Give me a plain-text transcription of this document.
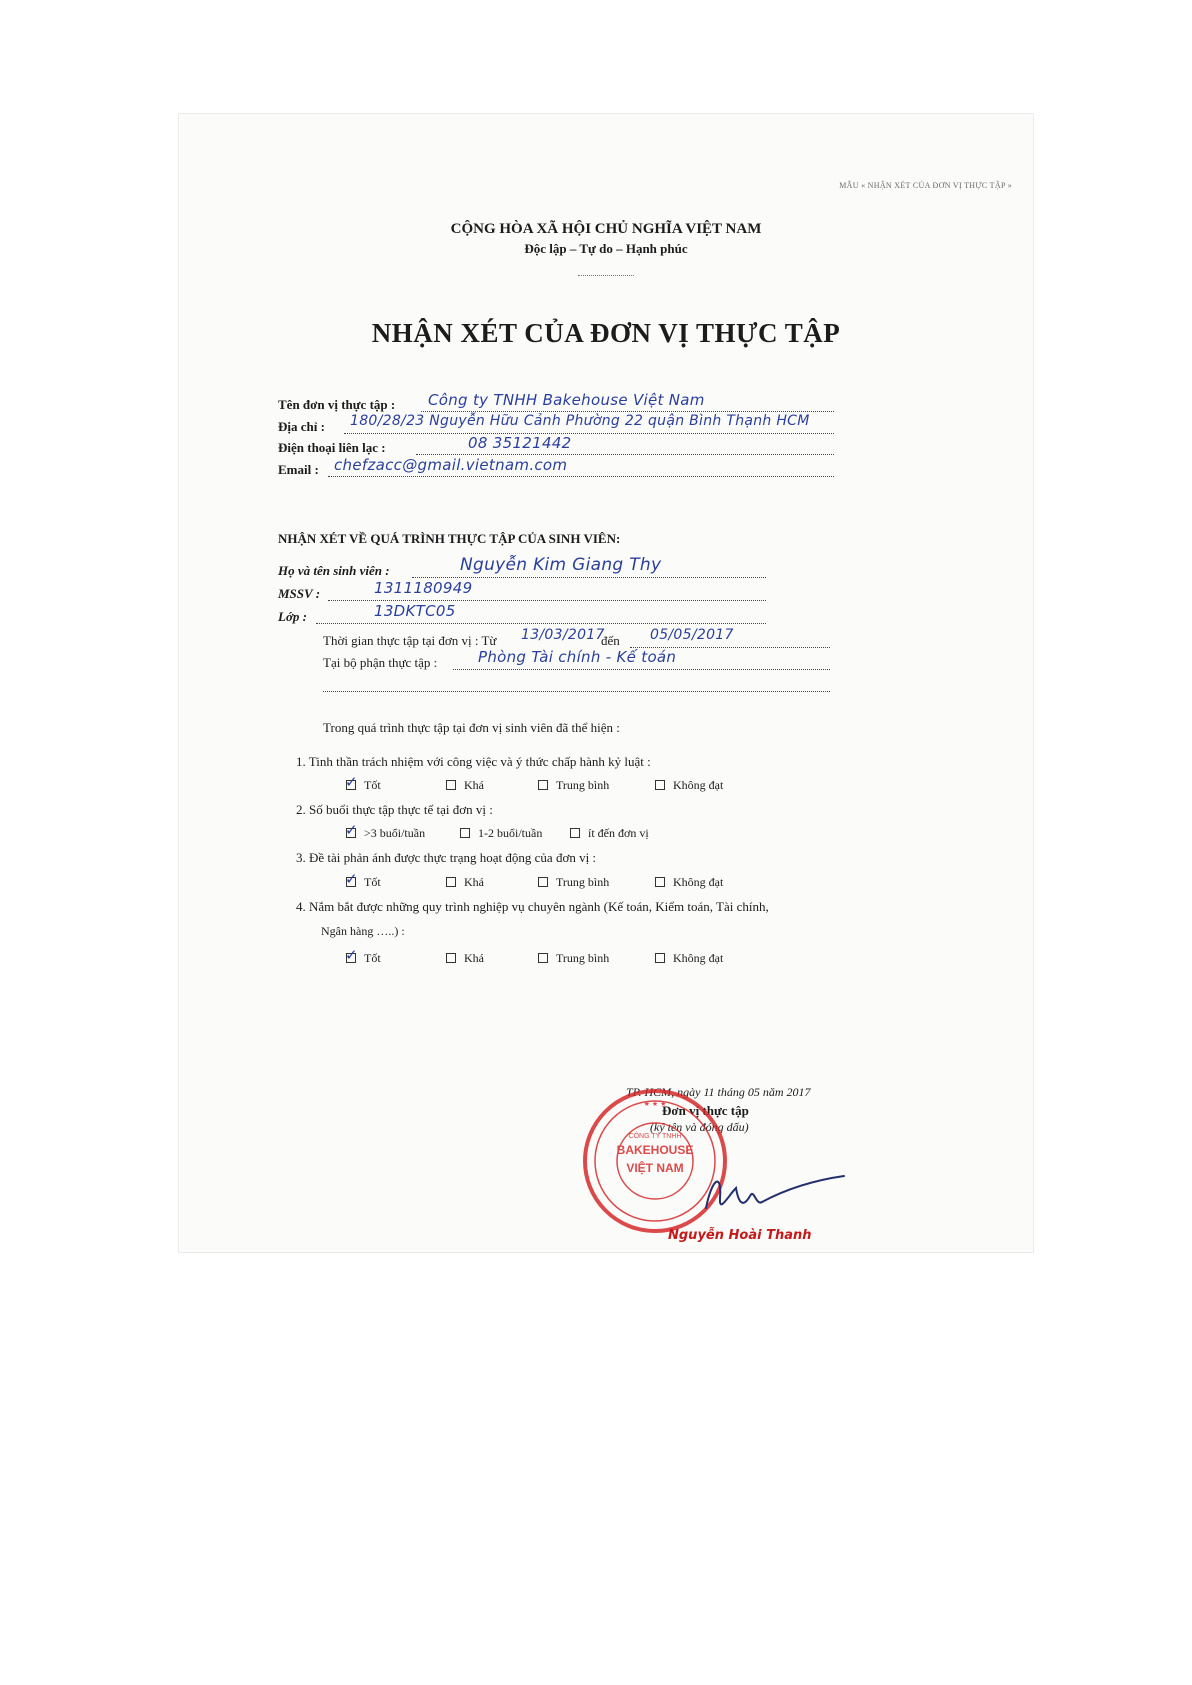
MẪU « NHẬN XÉT CỦA ĐƠN VỊ THỰC TẬP »
CỘNG HÒA XÃ HỘI CHỦ NGHĨA VIỆT NAM
Độc lập – Tự do – Hạnh phúc
NHẬN XÉT CỦA ĐƠN VỊ THỰC TẬP
Tên đơn vị thực tập : Công ty TNHH Bakehouse Việt Nam
Địa chỉ : 180/28/23 Nguyễn Hữu Cảnh Phường 22 quận Bình Thạnh HCM
Điện thoại liên lạc :	08 35121442
Email : chefzacc@gmail.vietnam.com
NHẬN XÉT VỀ QUÁ TRÌNH THỰC TẬP CỦA SINH VIÊN:
Họ và tên sinh viên :	Nguyễn Kim Giang Thy
MSSV :	1311180949
Lớp :	13DKTC05
Thời gian thực tập tại đơn vị : Từ 13/03/2017
đến 05/05/2017
Tại bộ phận thực tập :	Phòng Tài chính - Kế toán
Trong quá trình thực tập tại đơn vị sinh viên đã thể hiện :
1. Tinh thần trách nhiệm với công việc và ý thức chấp hành kỷ luật :
✓Tốt	Khá	Trung bình	Không đạt
2. Số buổi thực tập thực tế tại đơn vị :
✓>3 buổi/tuần	1-2 buổi/tuần	ít đến đơn vị
3. Đề tài phản ánh được thực trạng hoạt động của đơn vị :
✓Tốt	Khá	Trung bình	Không đạt
4. Nắm bắt được những quy trình nghiệp vụ chuyên ngành (Kế toán, Kiểm toán, Tài chính,
Ngân hàng …..) :
✓Tốt	Khá	Trung bình	Không đạt
TP. HCM, ngày 11 tháng 05 năm 2017
Đơn vị thực tập
(ký tên và đóng dấu)
BAKEHOUSE
VIỆT NAM
CÔNG TY TNHH
★ ★ ★
Nguyễn Hoài Thanh
